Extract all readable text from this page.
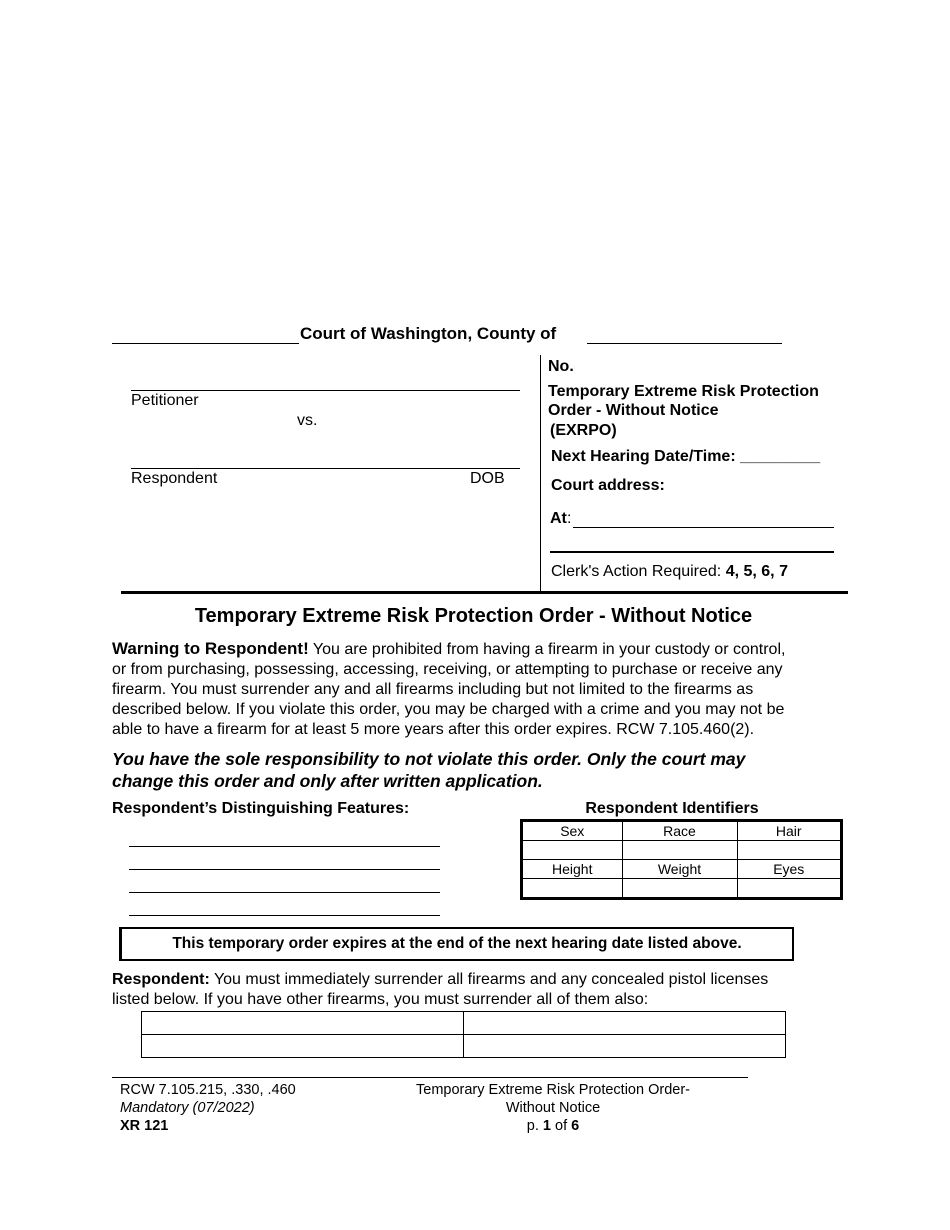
Court of Washington, County of
Petitioner
vs.
Respondent	DOB
No.
Temporary Extreme Risk Protection
Order - Without Notice
(EXRPO)
Next Hearing Date/Time: _________
Court address:
At :
Clerk's Action Required: 4, 5, 6, 7
Temporary Extreme Risk Protection Order - Without Notice
Warning to Respondent! You are prohibited from having a firearm in your custody or control,
or from purchasing, possessing, accessing, receiving, or attempting to purchase or receive any
firearm. You must surrender any and all firearms including but not limited to the firearms as
described below. If you violate this order, you may be charged with a crime and you may not be
able to have a firearm for at least 5 more years after this order expires. RCW 7.105.460(2).
You have the sole responsibility to not violate this order. Only the court may
change this order and only after written application.
Respondent’s Distinguishing Features:	Respondent Identifiers
Sex	Race	Hair

Height	Weight	Eyes

This temporary order expires at the end of the next hearing date listed above.
Respondent: You must immediately surrender all firearms and any concealed pistol licenses
listed below. If you have other firearms, you must surrender all of them also:

RCW 7.105.215, .330, .460
Mandatory (07/2022)
XR 121
Temporary Extreme Risk Protection Order-
Without Notice
p. 1 of 6
